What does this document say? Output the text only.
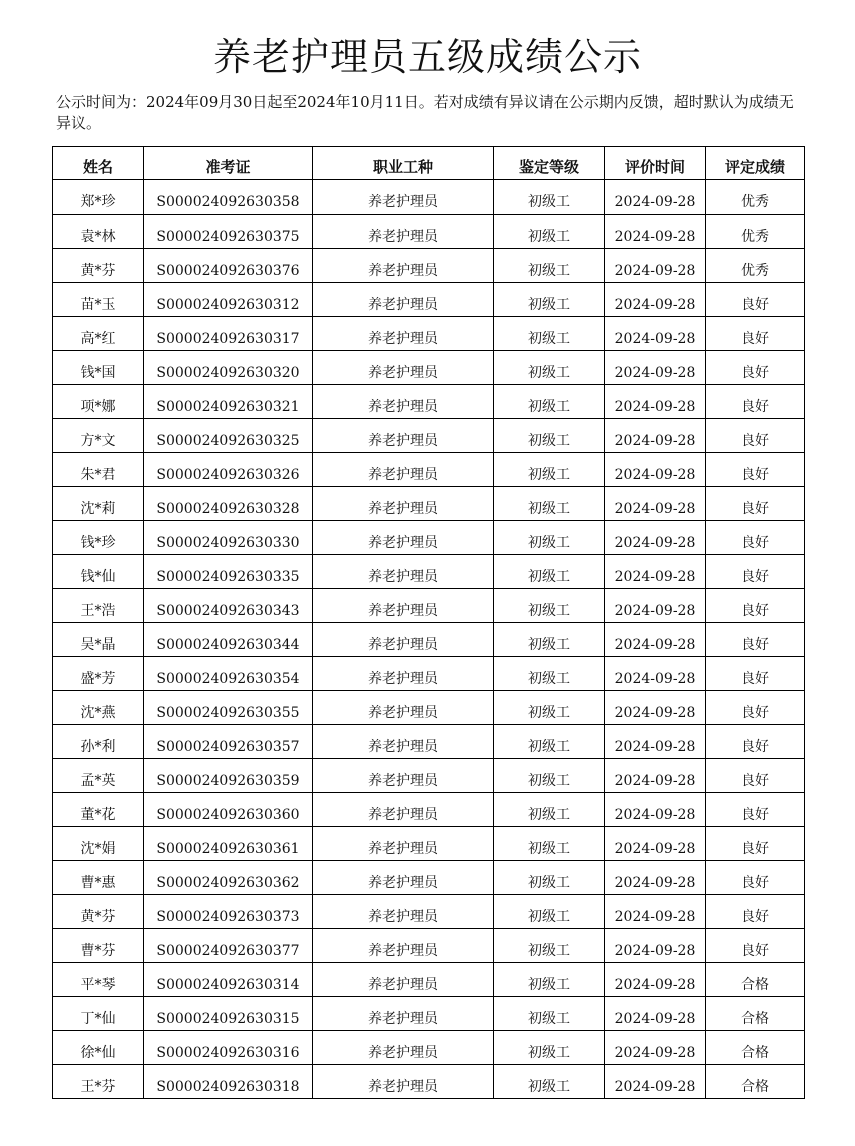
养老护理员五级成绩公示
公示时间为：2024年09月30日起至2024年10月11日。若对成绩有异议请在公示期内反馈，超时默认为成绩无异议。
姓名	准考证	职业工种	鉴定等级	评价时间	评定成绩
郑*珍	S000024092630358	养老护理员	初级工	2024-09-28	优秀
袁*林	S000024092630375	养老护理员	初级工	2024-09-28	优秀
黄*芬	S000024092630376	养老护理员	初级工	2024-09-28	优秀
苗*玉	S000024092630312	养老护理员	初级工	2024-09-28	良好
高*红	S000024092630317	养老护理员	初级工	2024-09-28	良好
钱*国	S000024092630320	养老护理员	初级工	2024-09-28	良好
项*娜	S000024092630321	养老护理员	初级工	2024-09-28	良好
方*文	S000024092630325	养老护理员	初级工	2024-09-28	良好
朱*君	S000024092630326	养老护理员	初级工	2024-09-28	良好
沈*莉	S000024092630328	养老护理员	初级工	2024-09-28	良好
钱*珍	S000024092630330	养老护理员	初级工	2024-09-28	良好
钱*仙	S000024092630335	养老护理员	初级工	2024-09-28	良好
王*浩	S000024092630343	养老护理员	初级工	2024-09-28	良好
吴*晶	S000024092630344	养老护理员	初级工	2024-09-28	良好
盛*芳	S000024092630354	养老护理员	初级工	2024-09-28	良好
沈*燕	S000024092630355	养老护理员	初级工	2024-09-28	良好
孙*利	S000024092630357	养老护理员	初级工	2024-09-28	良好
孟*英	S000024092630359	养老护理员	初级工	2024-09-28	良好
董*花	S000024092630360	养老护理员	初级工	2024-09-28	良好
沈*娟	S000024092630361	养老护理员	初级工	2024-09-28	良好
曹*惠	S000024092630362	养老护理员	初级工	2024-09-28	良好
黄*芬	S000024092630373	养老护理员	初级工	2024-09-28	良好
曹*芬	S000024092630377	养老护理员	初级工	2024-09-28	良好
平*琴	S000024092630314	养老护理员	初级工	2024-09-28	合格
丁*仙	S000024092630315	养老护理员	初级工	2024-09-28	合格
徐*仙	S000024092630316	养老护理员	初级工	2024-09-28	合格
王*芬	S000024092630318	养老护理员	初级工	2024-09-28	合格
